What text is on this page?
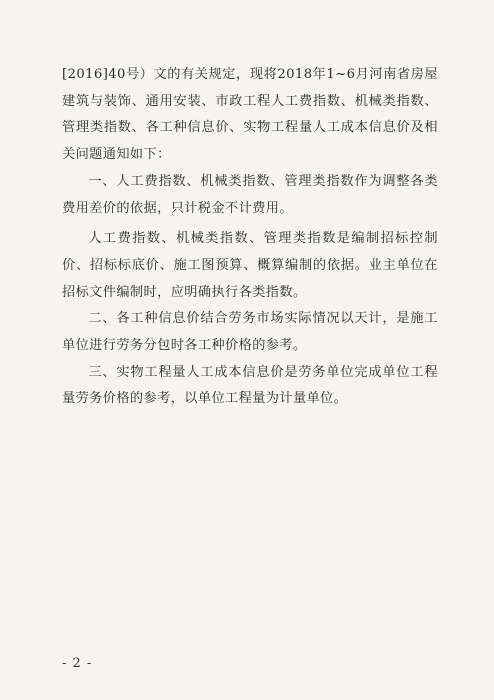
[2016]40号）文的有关规定，现将2018年1~6月河南省房屋建筑与装饰、通用安装、市政工程人工费指数、机械类指数、管理类指数、各工种信息价、实物工程量人工成本信息价及相关问题通知如下：

一、人工费指数、机械类指数、管理类指数作为调整各类费用差价的依据，只计税金不计费用。

人工费指数、机械类指数、管理类指数是编制招标控制价、招标标底价、施工图预算、概算编制的依据。业主单位在招标文件编制时，应明确执行各类指数。

二、各工种信息价结合劳务市场实际情况以天计，是施工单位进行劳务分包时各工种价格的参考。

三、实物工程量人工成本信息价是劳务单位完成单位工程量劳务价格的参考，以单位工程量为计量单位。

- 2 -
